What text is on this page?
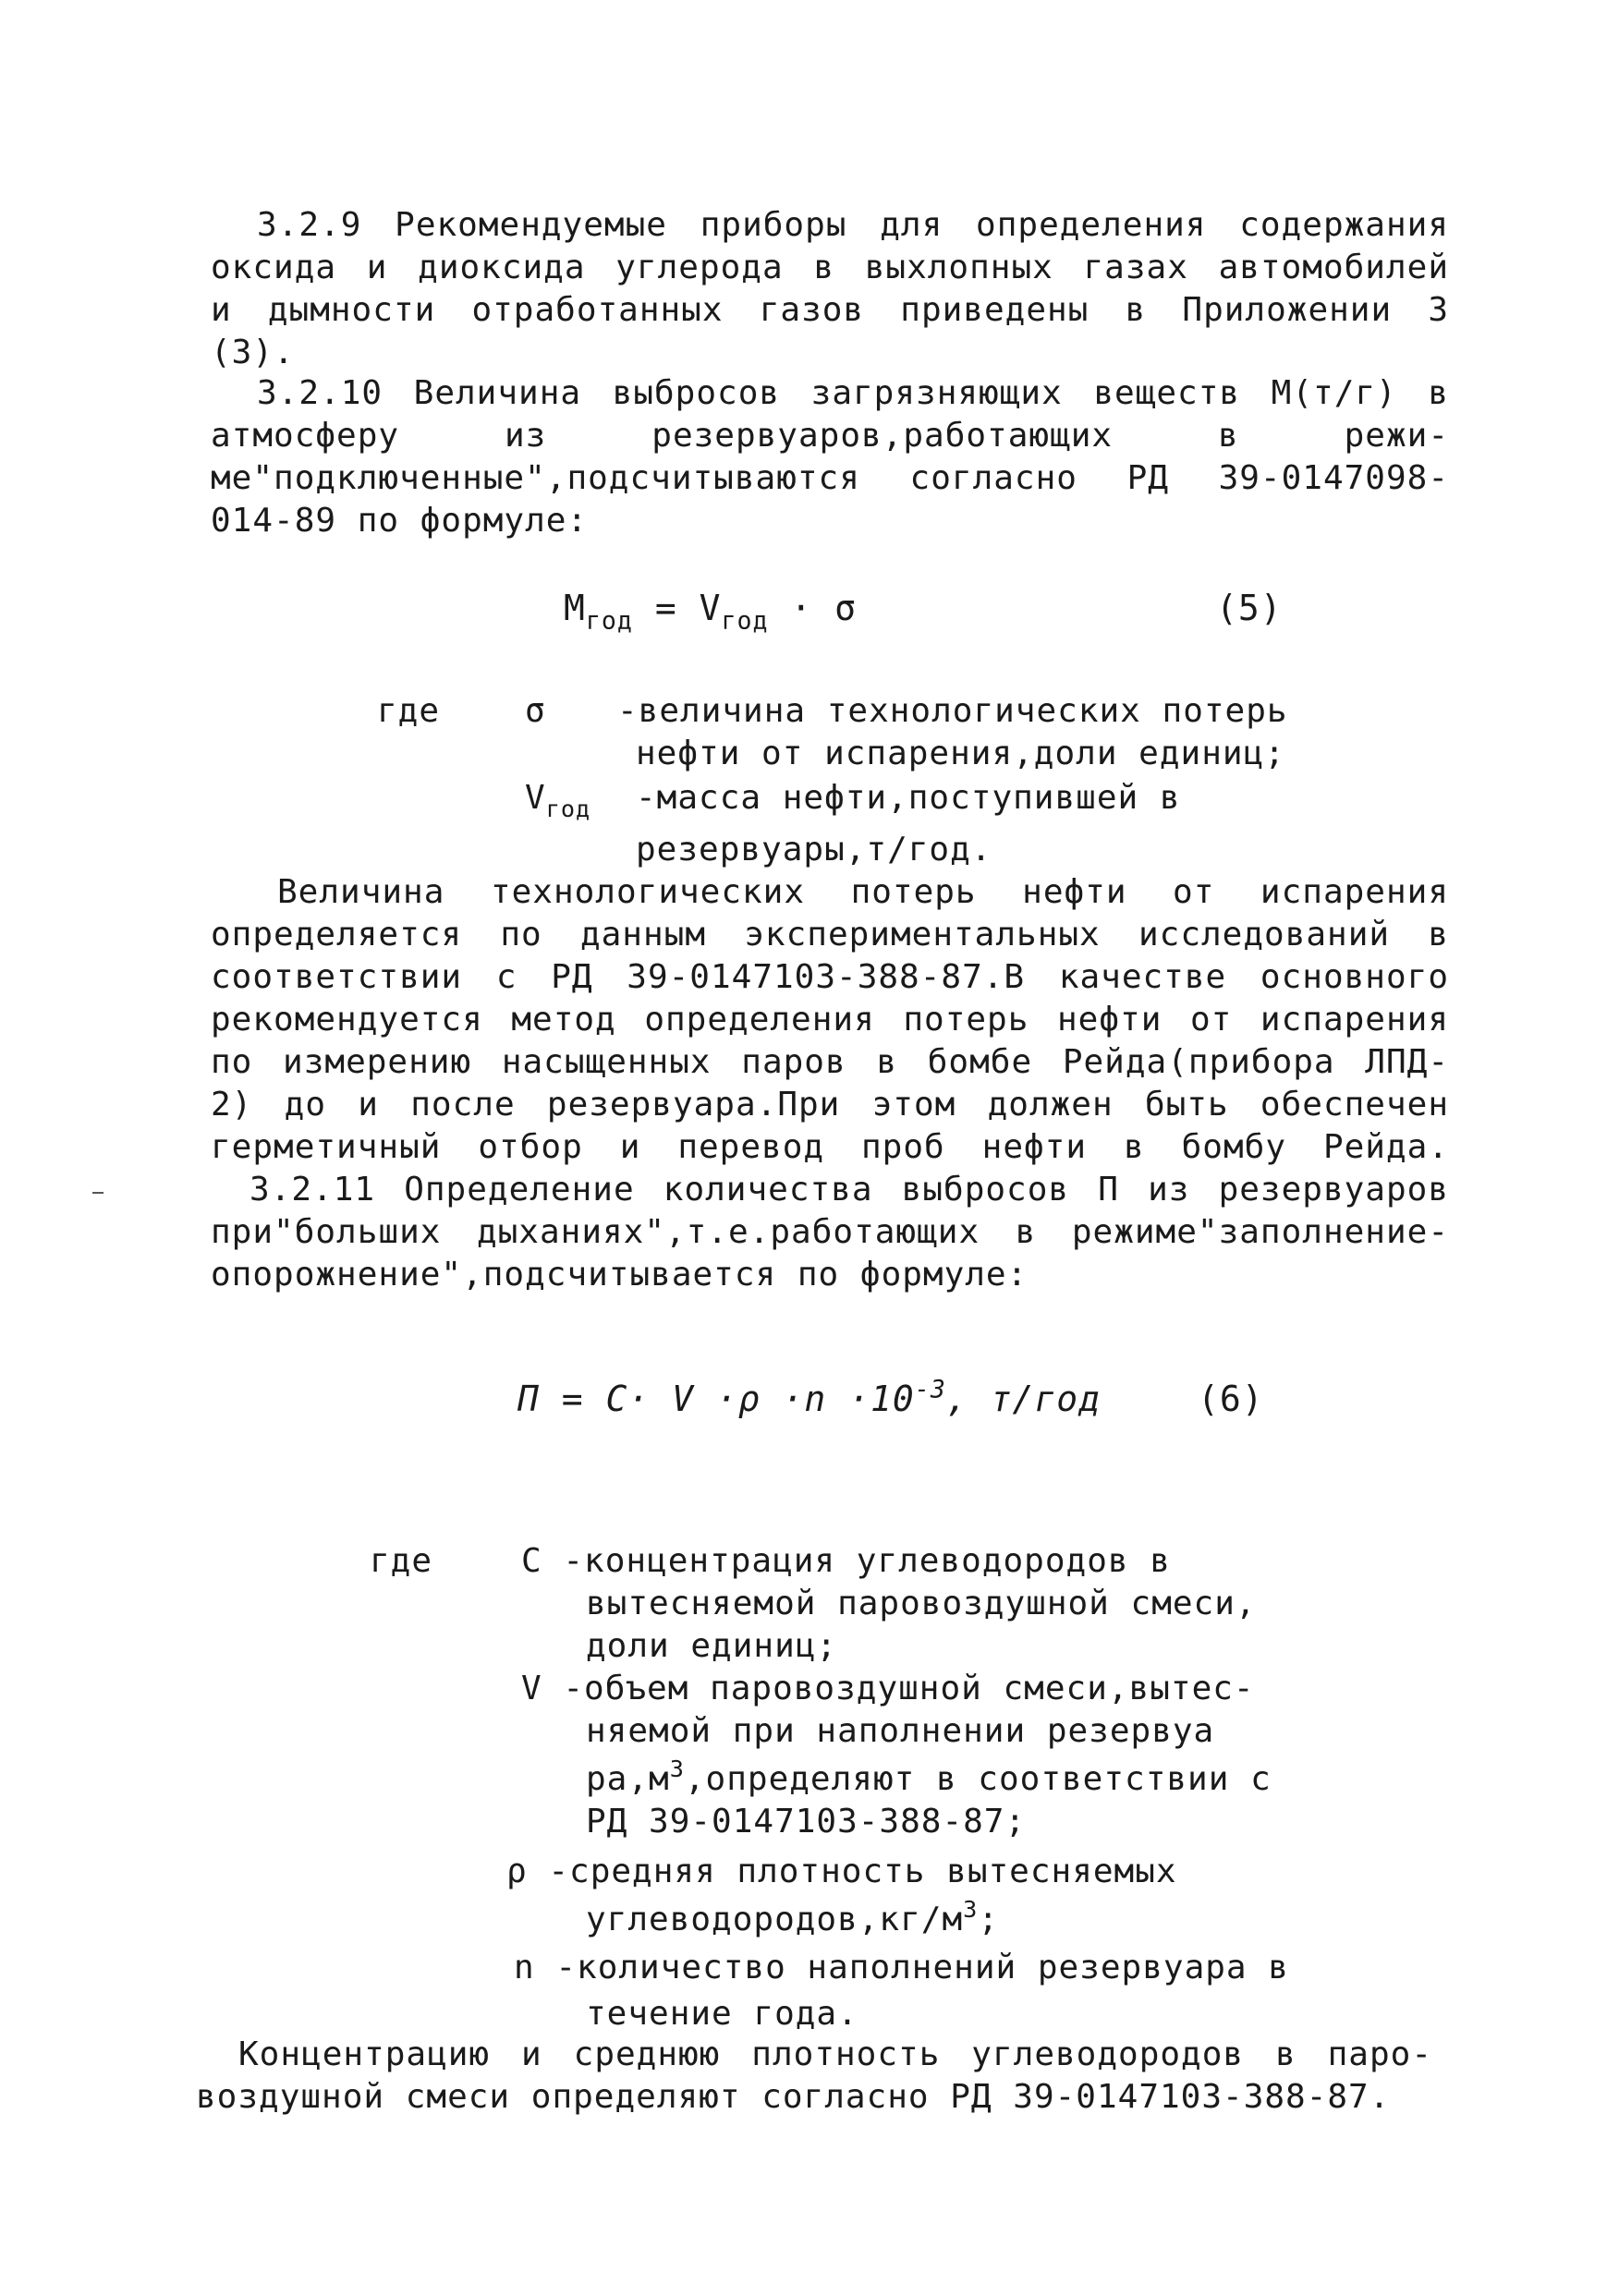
3.2.9 Рекомендуемые приборы для определения содержания
оксида и диоксида углерода в выхлопных газах автомобилей
и дымности отработанных газов приведены в Приложении 3
(3).
3.2.10 Величина выбросов загрязняющих веществ М(т/г) в
атмосферу из резервуаров,работающих в режи-
ме"подключенные",подсчитываются согласно РД 39-0147098-
014-89 по формуле:
$М_{год} = V_{год} \cdot \sigma$	(5)
где	σ -величина технологических потерь
нефти от испарения,доли единиц;
$V_{год}$ -масса нефти,поступившей в
резервуары,т/год.
Величина технологических потерь нефти от испарения
определяется по данным экспериментальных исследований в
соответствии с РД 39-0147103-388-87.В качестве основного
рекомендуется метод определения потерь нефти от испарения
по измерению насыщенных паров в бомбе Рейда(прибора ЛПД-
2) до и после резервуара.При этом должен быть обеспечен
герметичный отбор и перевод проб нефти в бомбу Рейда.
3.2.11 Определение количества выбросов П из резервуаров
при"больших дыханиях",т.е.работающих в режиме"заполнение-
опорожнение",подсчитывается по формуле:
$П = C\cdot V \cdot\rho \cdot n \cdot 10^{-3}$, т/год	(6)
где	C -концентрация углеводородов в
вытесняемой паровоздушной смеси,
доли единиц;
V -объем паровоздушной смеси,вытес-
няемой при наполнении резервуа
$ра,м^3,определяют$ в соответствии с
РД 39-0147103-388-87;
ρ -средняя плотность вытесняемых
$углеводородов,кг/м^3$;
n -количество наполнений резервуара в
течение года.
Концентрацию и среднюю плотность углеводородов в паро-
воздушной смеси определяют согласно РД 39-0147103-388-87.
